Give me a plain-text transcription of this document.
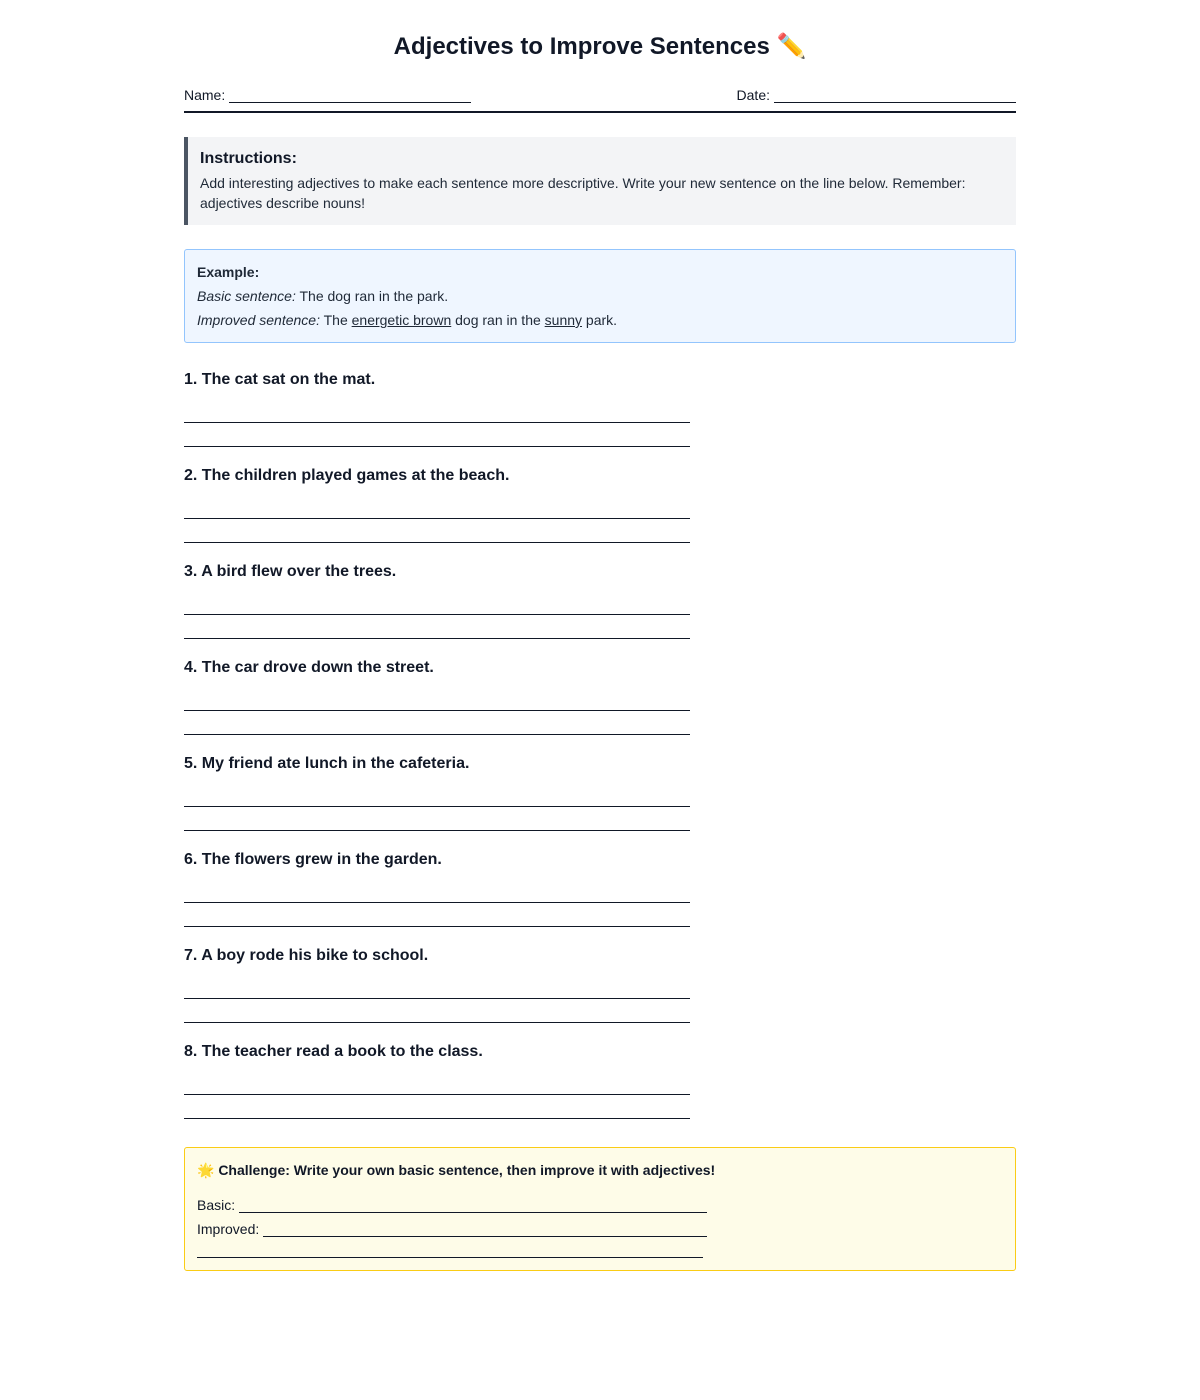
Adjectives to Improve Sentences ✏️
Name:	Date:
Instructions:
Add interesting adjectives to make each sentence more descriptive. Write your new sentence on the line below. Remember: adjectives describe nouns!
Example:
Basic sentence: The dog ran in the park.
Improved sentence: The energetic brown dog ran in the sunny park.
1. The cat sat on the mat.
2. The children played games at the beach.
3. A bird flew over the trees.
4. The car drove down the street.
5. My friend ate lunch in the cafeteria.
6. The flowers grew in the garden.
7. A boy rode his bike to school.
8. The teacher read a book to the class.
🌟 Challenge: Write your own basic sentence, then improve it with adjectives!
Basic:
Improved:
